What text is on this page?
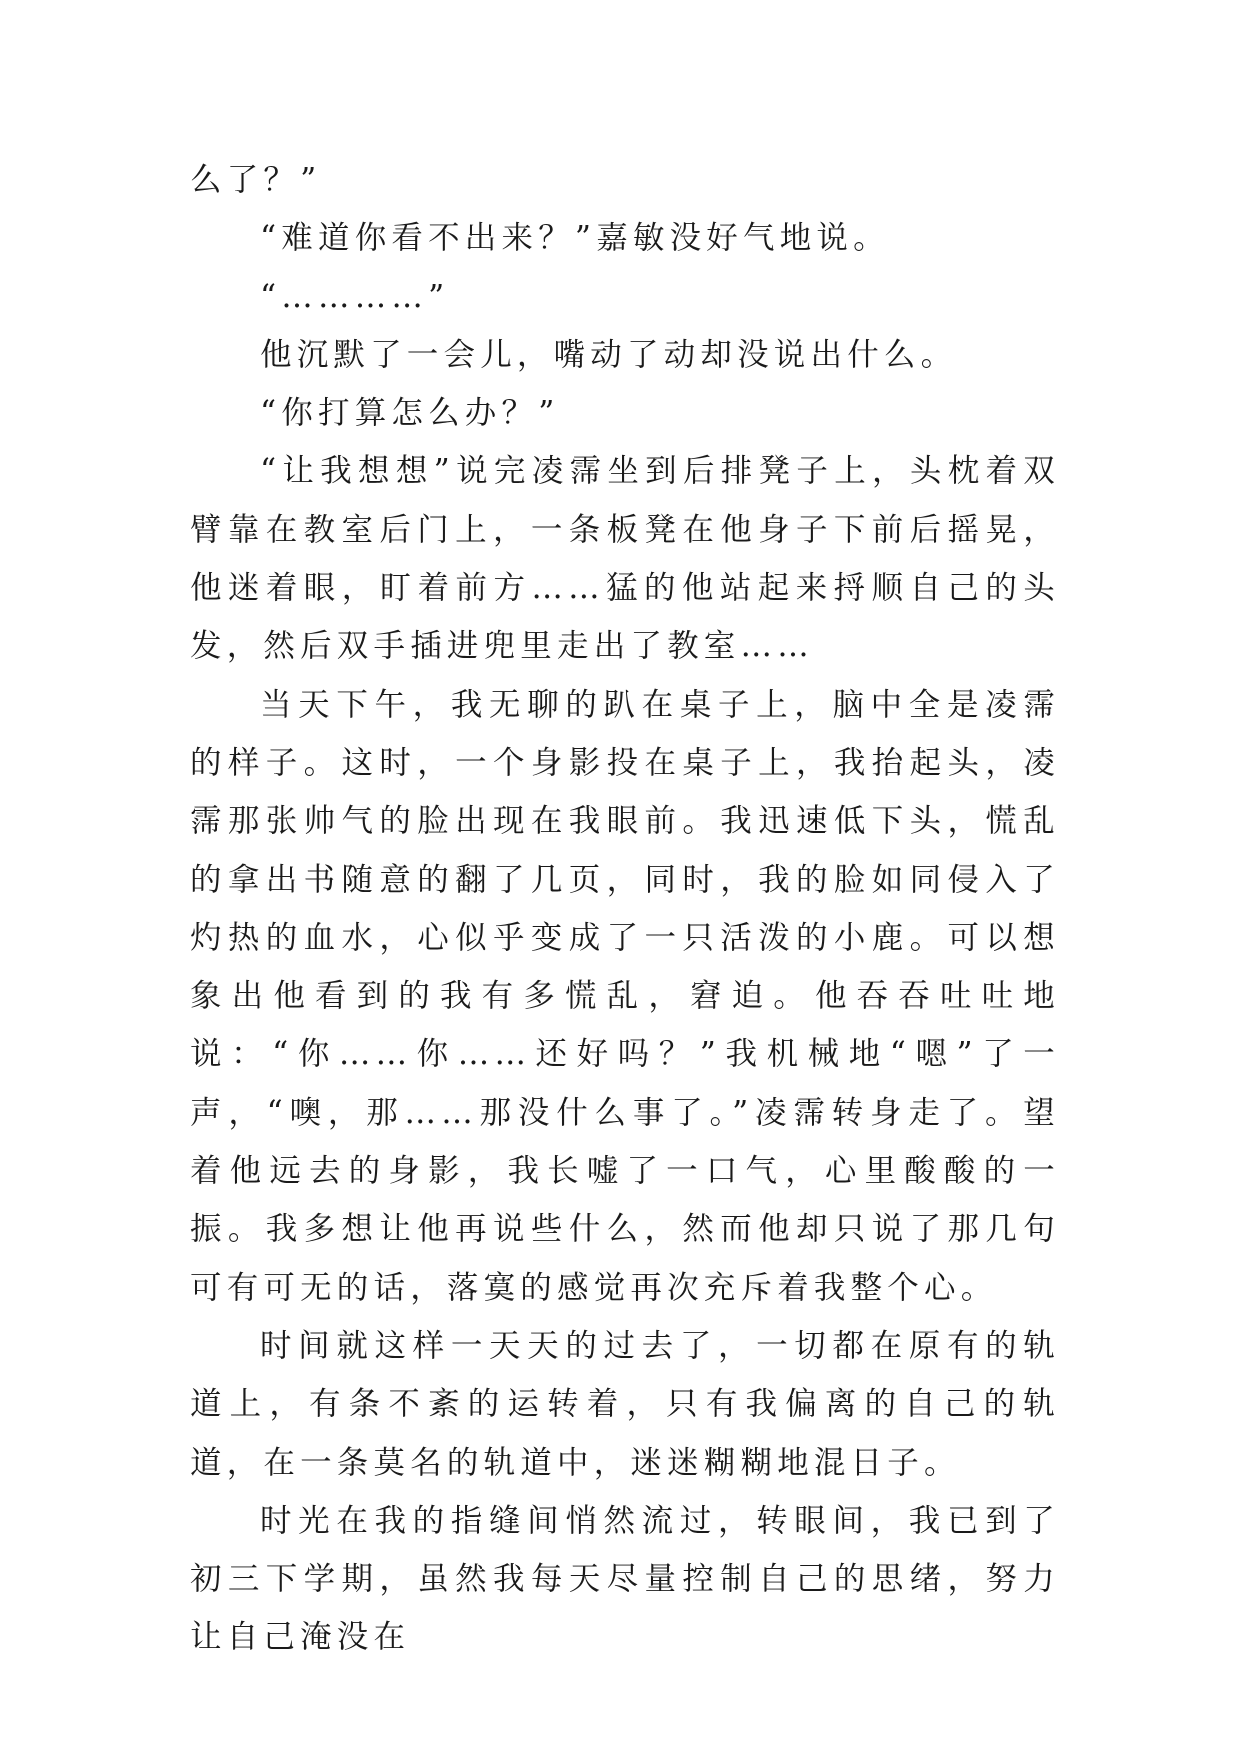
么了？”

“难道你看不出来？”嘉敏没好气地说。

“…………”

他沉默了一会儿，嘴动了动却没说出什么。

“你打算怎么办？”

“让我想想”说完凌霈坐到后排凳子上，头枕着双臂靠在教室后门上，一条板凳在他身子下前后摇晃，他迷着眼，盯着前方……猛的他站起来捋顺自己的头发，然后双手插进兜里走出了教室……

当天下午，我无聊的趴在桌子上，脑中全是凌霈的样子。这时，一个身影投在桌子上，我抬起头，凌霈那张帅气的脸出现在我眼前。我迅速低下头，慌乱的拿出书随意的翻了几页，同时，我的脸如同侵入了灼热的血水，心似乎变成了一只活泼的小鹿。可以想象出他看到的我有多慌乱，窘迫。他吞吞吐吐地说：“你……你……还好吗？”我机械地“嗯”了一声，“噢，那……那没什么事了。”凌霈转身走了。望着他远去的身影，我长嘘了一口气，心里酸酸的一振。我多想让他再说些什么，然而他却只说了那几句可有可无的话，落寞的感觉再次充斥着我整个心。

时间就这样一天天的过去了，一切都在原有的轨道上，有条不紊的运转着，只有我偏离的自己的轨道，在一条莫名的轨道中，迷迷糊糊地混日子。

时光在我的指缝间悄然流过，转眼间，我已到了初三下学期，虽然我每天尽量控制自己的思绪，努力让自己淹没在
